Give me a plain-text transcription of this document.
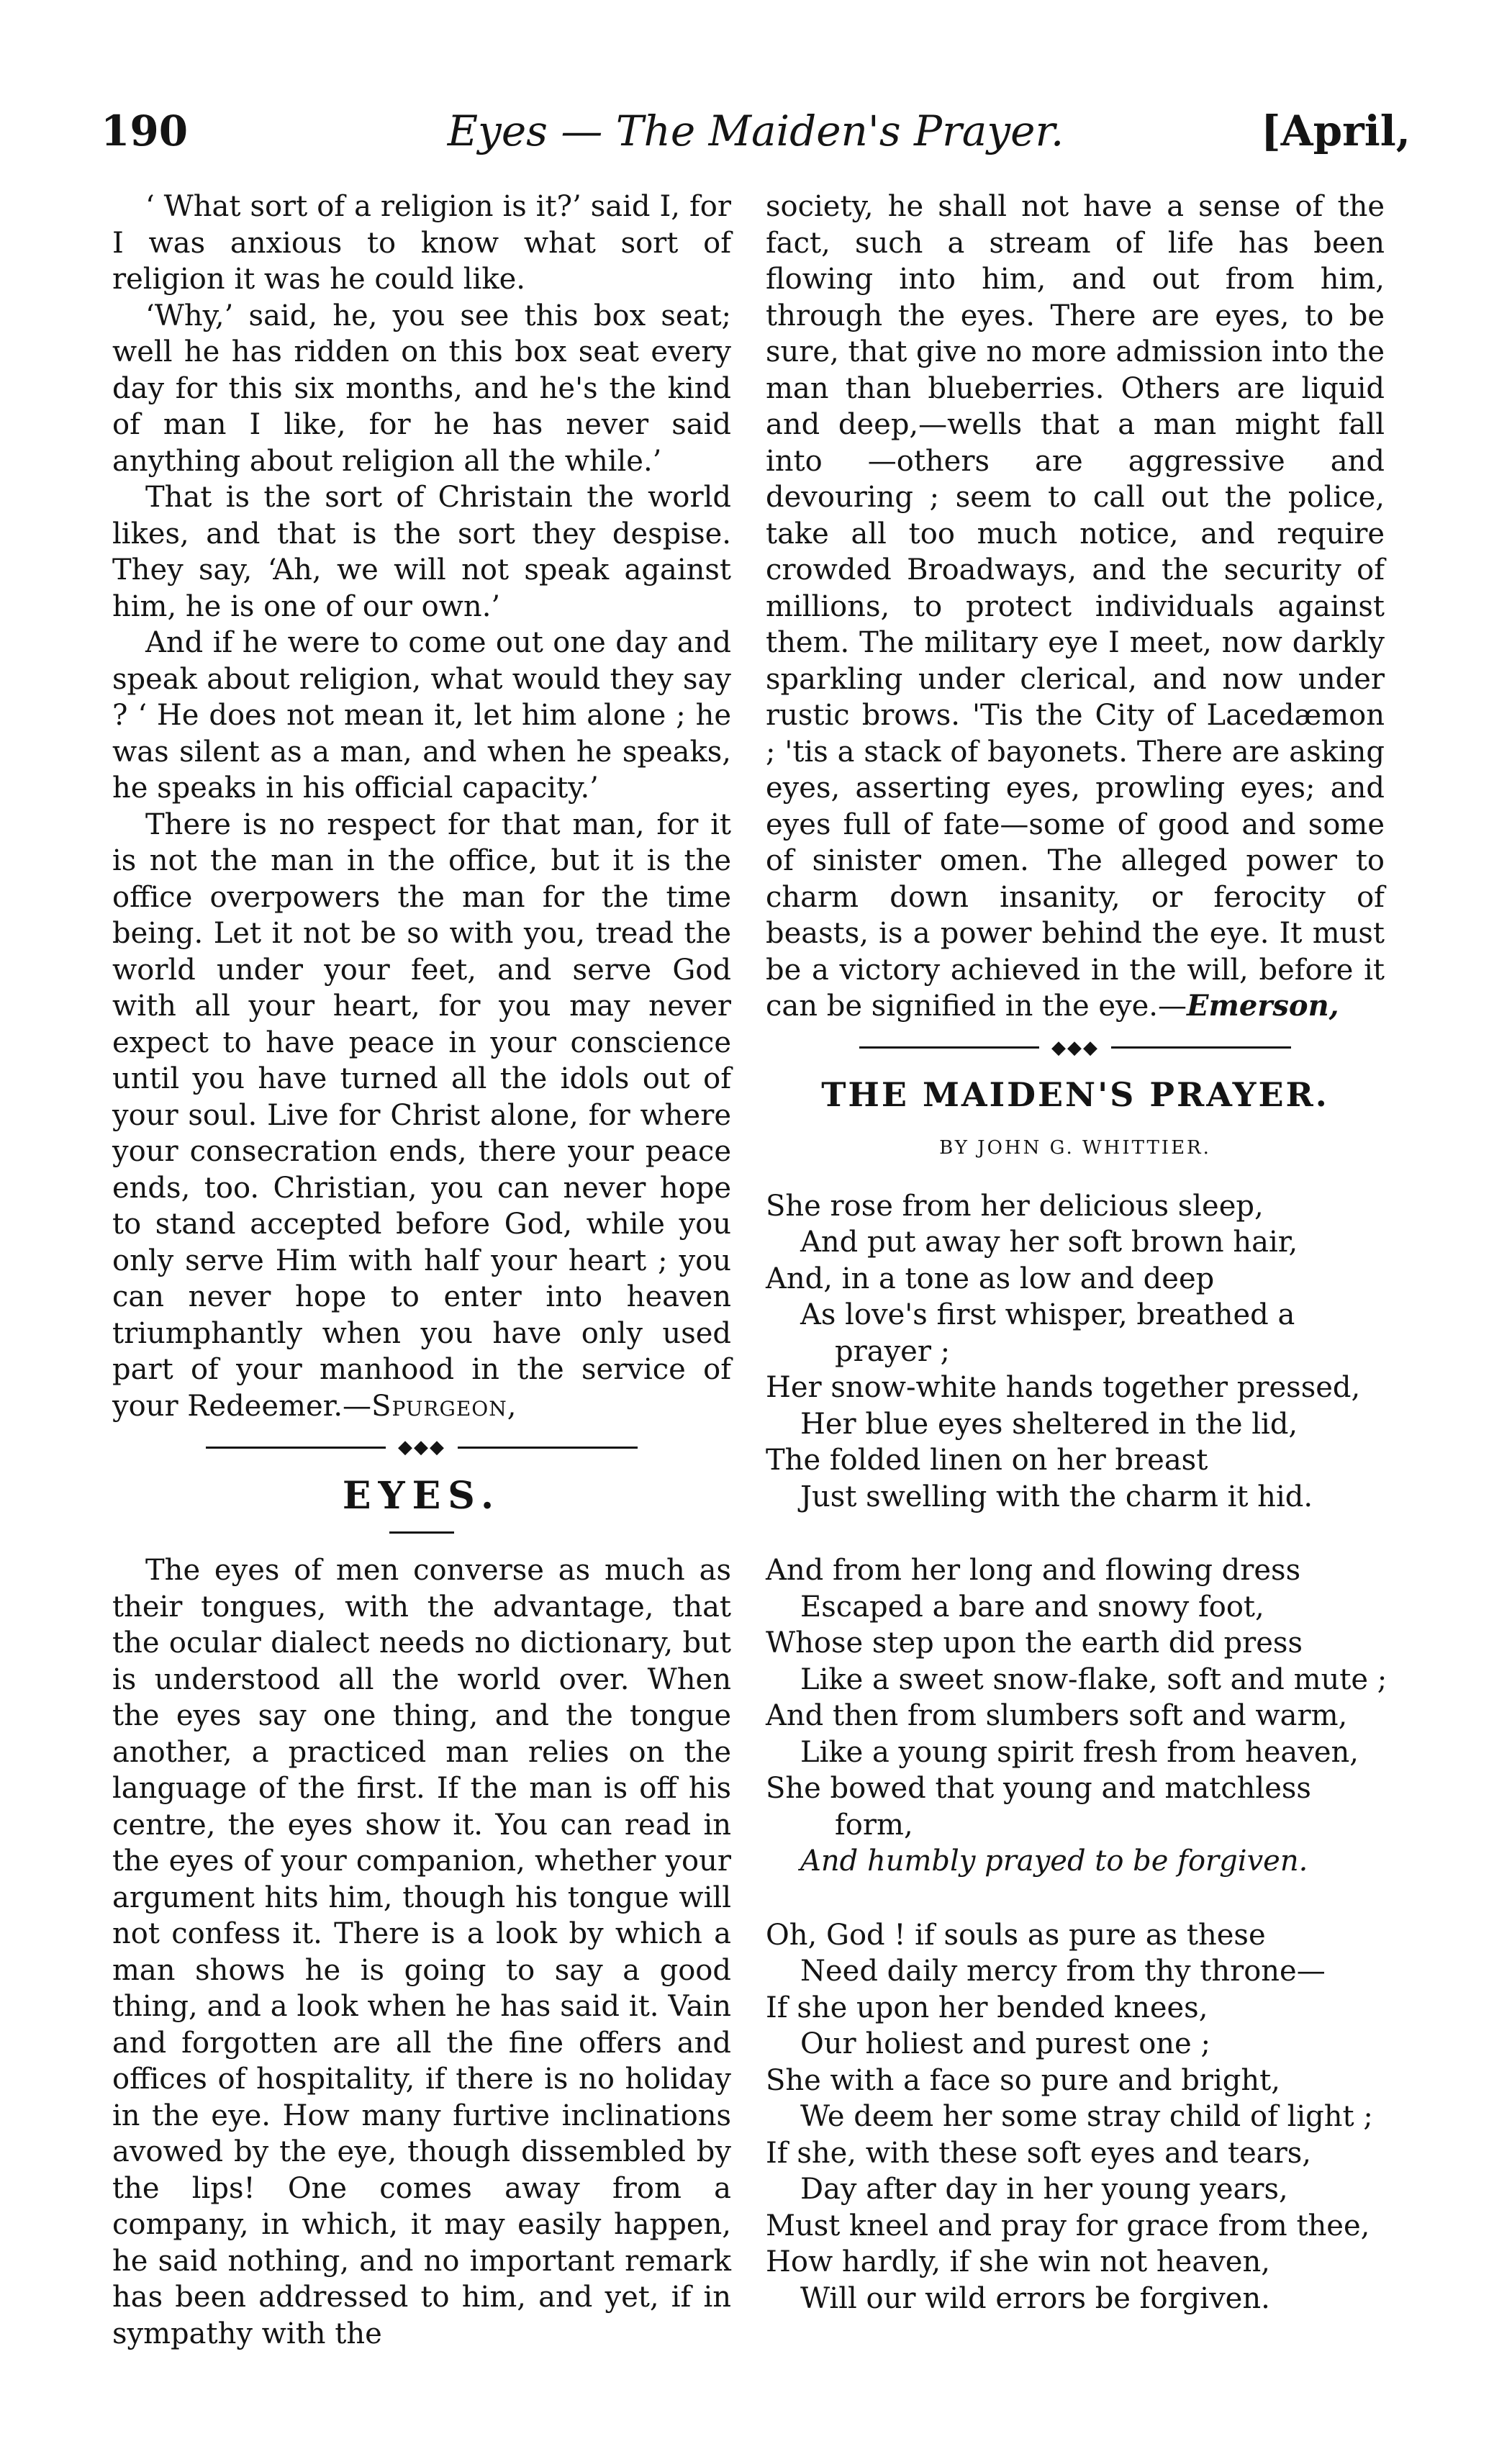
190	Eyes — The Maiden's Prayer.	[April,

‘ What sort of a religion is it?’ said I, for I was anxious to know what sort of religion it was he could like.

‘Why,’ said, he, you see this box seat; well he has ridden on this box seat every day for this six months, and he's the kind of man I like, for he has never said anything about religion all the while.’

That is the sort of Christain the world likes, and that is the sort they despise. They say, ‘Ah, we will not speak against him, he is one of our own.’

And if he were to come out one day and speak about religion, what would they say ? ‘ He does not mean it, let him alone ; he was silent as a man, and when he speaks, he speaks in his official capacity.’

There is no respect for that man, for it is not the man in the office, but it is the office overpowers the man for the time being. Let it not be so with you, tread the world under your feet, and serve God with all your heart, for you may never expect to have peace in your conscience until you have turned all the idols out of your soul. Live for Christ alone, for where your consecration ends, there your peace ends, too. Christian, you can never hope to stand accepted before God, while you only serve Him with half your heart ; you can never hope to enter into heaven triumphantly when you have only used part of your manhood in the service of your Redeemer.—Spurgeon,

◆◆◆
EYES.

The eyes of men converse as much as their tongues, with the advantage, that the ocular dialect needs no dictionary, but is understood all the world over. When the eyes say one thing, and the tongue another, a practiced man relies on the language of the first. If the man is off his centre, the eyes show it. You can read in the eyes of your companion, whether your argument hits him, though his tongue will not confess it. There is a look by which a man shows he is going to say a good thing, and a look when he has said it. Vain and forgotten are all the fine offers and offices of hospitality, if there is no holiday in the eye. How many furtive inclinations avowed by the eye, though dissembled by the lips! One comes away from a company, in which, it may easily happen, he said nothing, and no important remark has been addressed to him, and yet, if in sympathy with the

society, he shall not have a sense of the fact, such a stream of life has been flowing into him, and out from him, through the eyes. There are eyes, to be sure, that give no more admission into the man than blueberries. Others are liquid and deep,—wells that a man might fall into —others are aggressive and devouring ; seem to call out the police, take all too much notice, and require crowded Broadways, and the security of millions, to protect individuals against them. The military eye I meet, now darkly sparkling under clerical, and now under rustic brows. 'Tis the City of Lacedæmon ; 'tis a stack of bayonets. There are asking eyes, asserting eyes, prowling eyes; and eyes full of fate—some of good and some of sinister omen. The alleged power to charm down insanity, or ferocity of beasts, is a power behind the eye. It must be a victory achieved in the will, before it can be signified in the eye.—Emerson,

◆◆◆
THE MAIDEN'S PRAYER.
BY JOHN G. WHITTIER.
She rose from her delicious sleep,
And put away her soft brown hair,
And, in a tone as low and deep
As love's first whisper, breathed a
prayer ;
Her snow-white hands together pressed,
Her blue eyes sheltered in the lid,
The folded linen on her breast
Just swelling with the charm it hid.
And from her long and flowing dress
Escaped a bare and snowy foot,
Whose step upon the earth did press
Like a sweet snow-flake, soft and mute ;
And then from slumbers soft and warm,
Like a young spirit fresh from heaven,
She bowed that young and matchless
form,
And humbly prayed to be forgiven.
Oh, God ! if souls as pure as these
Need daily mercy from thy throne—
If she upon her bended knees,
Our holiest and purest one ;
She with a face so pure and bright,
We deem her some stray child of light ;
If she, with these soft eyes and tears,
Day after day in her young years,
Must kneel and pray for grace from thee,
How hardly, if she win not heaven,
Will our wild errors be forgiven.
